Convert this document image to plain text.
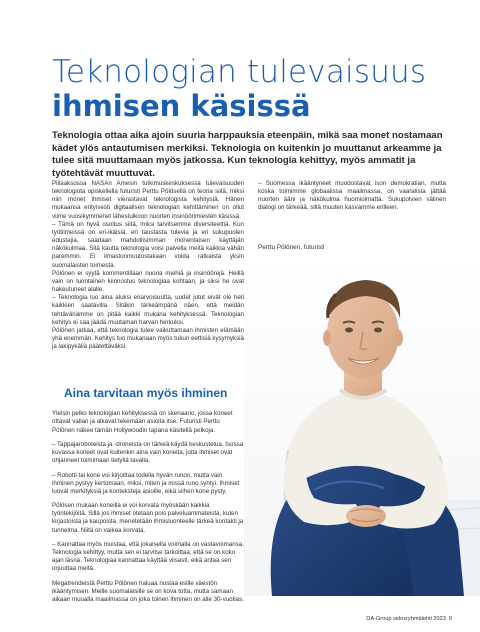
Teknologian tulevaisuus
ihmisen käsissä
Teknologia ottaa aika ajoin suuria harppauksia eteenpäin, mikä saa monet nostamaan kädet ylös antautumisen merkiksi. Teknologia on kuitenkin jo muuttanut arkeamme ja tulee sitä muuttamaan myös jatkossa. Kun teknologia kehittyy, myös ammatit ja työtehtävät muuttuvat.

Piilaaksossa NASAn Amesin tutkimuskeskuksessa tulevaisuuden teknologiota opiskellella futuristi Perttu Pölösellä on teoria siitä, miksi niin monet ihmiset vierastavat teknologista kehitystä. Hänen mukaansa erityisesti digitaalisen teknologian kehittäminen on ollut viime vuosikymmenet lähestulkoon nuorten insinöörimiesten käsissä.

– Tämä on hyvä osoitus siitä, miksi tarvitsemme diversiteettiä. Kun työtiimeissä on eri-ikäisiä, eri taustasta tulevia ja eri sukupuolen edustajia, saadaan mahdollisimman monenlaisen käyttäjän näkökulmaa. Sitä kautta teknologia voisi palvella meitä kaikkia vähän paremmin. Ei ilmastonmuutostakaan voida ratkaista yksin suomalaisten toimesta.

Pölönen ei syytä kommentillaan nuoria miehiä ja insinöörejä. Heillä vain on luontainen kiinnostus teknologiaa kohtaan, ja siksi he ovat hakeutuneet alalle.

– Teknologia luo aina aluksi eriarvoisuutta, uudet jutut eivät ole heti kaikkien saatavilla. Sitäkin tärkeämpänä näen, että meidän tehtävänämme on pitää kaikki mukana kehityksessä. Teknologian kehitys ei saa jäädä muutaman harvan herkuksi.

Pölönen jatkaa, että teknologia tulee vaikuttamaan ihmisten elämään yhä enemmän. Kehitys tuo mukanaan myös tukun eettisiä kysymyksiä ja lakipykäliä päätettäväksi.

Aina tarvitaan myös ihminen

Yleisin pelko teknologian kehityksessä on skenaario, jossa koneet ottavat vallan ja alkavat tekemään asioita itse. Futuristi Perttu Pölönen näkee tämän Hollywoodin tapana käsitellä pelkoja.

– Tappajaroboteista ja -droneista on tärkeä käydä keskustelua. Isossa kuvassa koneet ovat kuitenkin aina vain koneita, joita ihmiset ovat ohjanneet toimimaan tietyllä tavalla.

– Robotti tai kone voi kirjoittaa todella hyvän runon, mutta vain ihminen pystyy kertomaan, miksi, miten ja missä runo syntyi. Ihmiset luovat merkityksiä ja konteksteja asioille, eikä siihen kone pysty.

Pölösen mukaan koneilla ei voi korvata myöskään kaikkia työntekijöitä. Sillä jos ihmiset otetaan pois palveluammateista, kuten kirjastoista ja kaupoista, menetetään ihmisluonteelle tärkeä kontakti ja tunnelma. Niitä on vaikea korvata.

– Kannattaa myös muistaa, että jokaisella voimalla on vastavoimansa. Teknologia kehittyy, mutta sen ei tarvitse tarkoittaa, että se on koko ajan läsnä. Teknologiaa kannattaa käyttää viisasti, eikä antaa sen orjuuttaa meitä.

Megatrendeistä Perttu Pölönen haluaa nostaa esille väestön ikääntymisen. Meille suomalaisille se on kova totta, mutta samaan aikaan muualla maailmassa on joka toinen ihminen on alle 30-vuotias.

– Suomessa ikääntyneet muodostavat ison demokratian, mutta koska toimimme globaalissa maailmassa, on vaaralista jättää nuorten ääni ja näkökulma huomioimatta. Sukupolvien välinen dialogi on tärkeää, sillä muuten kasvamme erilleen.

Perttu Pölönen, futuristi
DA-Group sidosryhmälehti 2023 9
